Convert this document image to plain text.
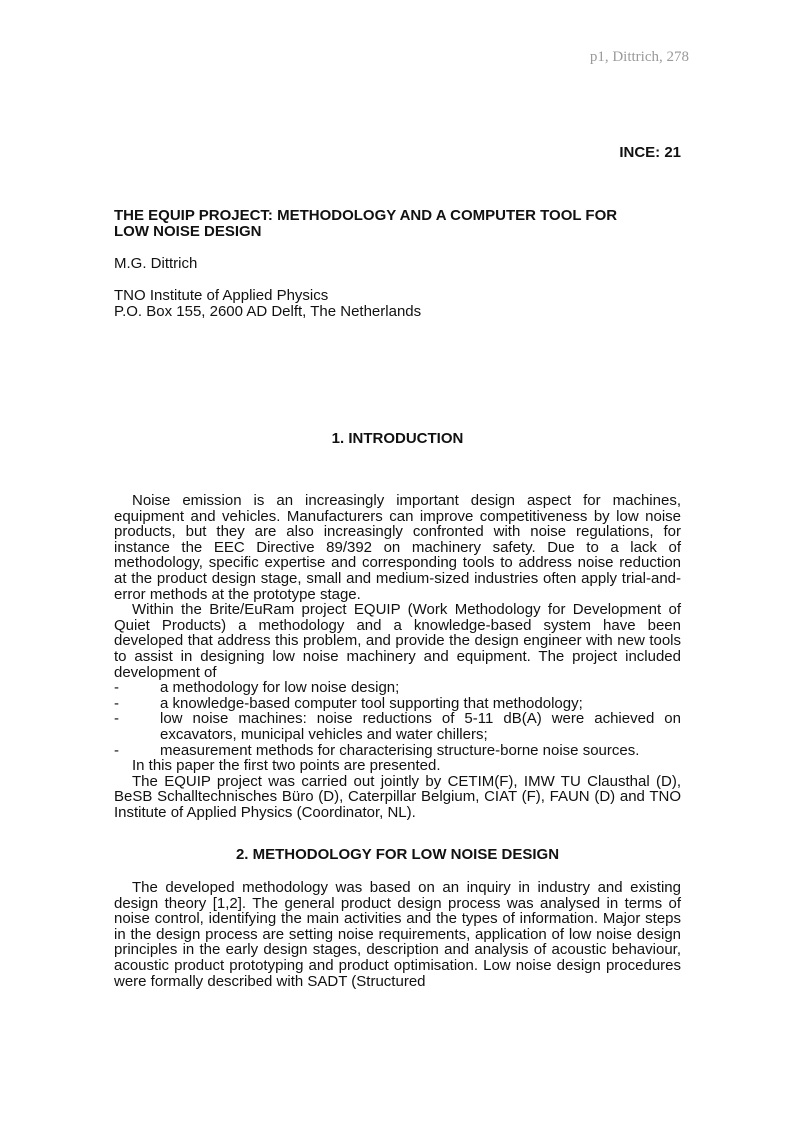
p1, Dittrich, 278
INCE: 21
THE EQUIP PROJECT: METHODOLOGY AND A COMPUTER TOOL FOR
LOW NOISE DESIGN
M.G. Dittrich
TNO Institute of Applied Physics
P.O. Box 155, 2600 AD Delft, The Netherlands
1. INTRODUCTION

Noise emission is an increasingly important design aspect for machines, equipment and vehicles. Manufacturers can improve competitiveness by low noise products, but they are also increasingly confronted with noise regulations, for instance the EEC Directive 89/392 on machinery safety. Due to a lack of methodology, specific expertise and corresponding tools to address noise reduction at the product design stage, small and medium-sized industries often apply trial-and-error methods at the prototype stage.

Within the Brite/EuRam project EQUIP (Work Methodology for Development of Quiet Products) a methodology and a knowledge-based system have been developed that address this problem, and provide the design engineer with new tools to assist in designing low noise machinery and equipment. The project included development of

-	a methodology for low noise design;
-	a knowledge-based computer tool supporting that methodology;
-	low noise machines: noise reductions of 5-11 dB(A) were achieved on excavators, municipal vehicles and water chillers;
-	measurement methods for characterising structure-borne noise sources.

In this paper the first two points are presented.

The EQUIP project was carried out jointly by CETIM(F), IMW TU Clausthal (D), BeSB Schalltechnisches Büro (D), Caterpillar Belgium, CIAT (F), FAUN (D) and TNO Institute of Applied Physics (Coordinator, NL).

2. METHODOLOGY FOR LOW NOISE DESIGN

The developed methodology was based on an inquiry in industry and existing design theory [1,2]. The general product design process was analysed in terms of noise control, identifying the main activities and the types of information. Major steps in the design process are setting noise requirements, application of low noise design principles in the early design stages, description and analysis of acoustic behaviour, acoustic product prototyping and product optimisation. Low noise design procedures were formally described with SADT (Structured
